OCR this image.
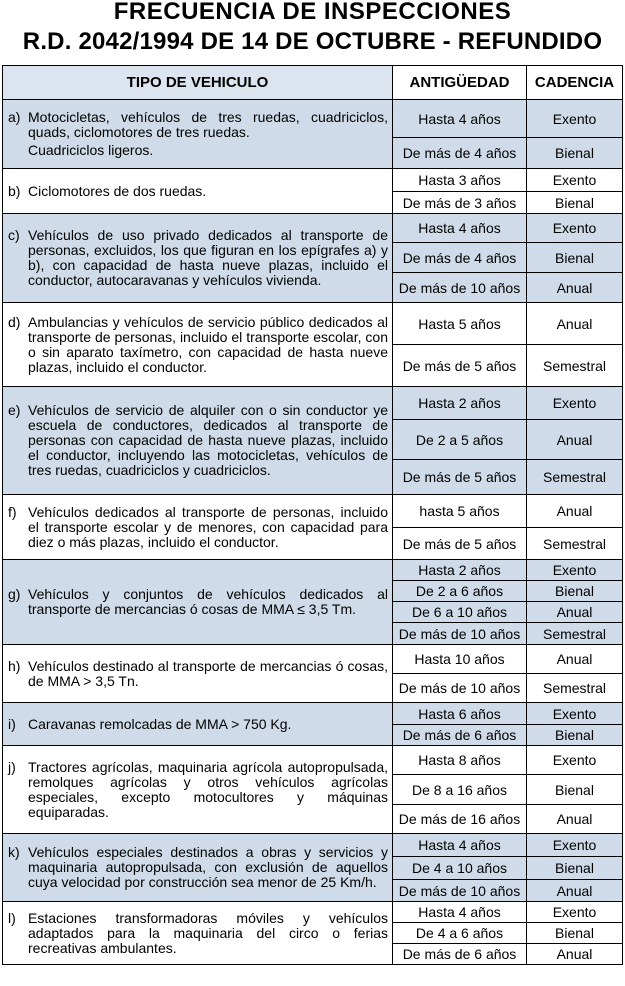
FRECUENCIA DE INSPECCIONES
R.D. 2042/1994 DE 14 DE OCTUBRE - REFUNDIDO
TIPO DE VEHICULO	ANTIGÜEDAD	CADENCIA

a) Motocicletas, vehículos de tres ruedas, cuadriciclos, quads, ciclomotores de tres ruedas.
Cuadriciclos ligeros.	Hasta 4 años	Exento
	De más de 4 años	Bienal

b) Ciclomotores de dos ruedas.	Hasta 3 años	Exento
	De más de 3 años	Bienal

c) Vehículos de uso privado dedicados al transporte de personas, excluidos, los que figuran en los epígrafes a) y b), con capacidad de hasta nueve plazas, incluido el conductor, autocaravanas y vehículos vivienda.	Hasta 4 años	Exento
	De más de 4 años	Bienal
	De más de 10 años	Anual

d) Ambulancias y vehículos de servicio público dedicados al transporte de personas, incluido el transporte escolar, con o sin aparato taxímetro, con capacidad de hasta nueve plazas, incluido el conductor.	Hasta 5 años	Anual
	De más de 5 años	Semestral

e) Vehículos de servicio de alquiler con o sin conductor ye escuela de conductores, dedicados al transporte de personas con capacidad de hasta nueve plazas, incluido el conductor, incluyendo las motocicletas, vehículos de tres ruedas, cuadriciclos y cuadriciclos.	Hasta 2 años	Exento
	De 2 a 5 años	Anual
	De más de 5 años	Semestral

f) Vehículos dedicados al transporte de personas, incluido el transporte escolar y de menores, con capacidad para diez o más plazas, incluido el conductor.	hasta 5 años	Anual
	De más de 5 años	Semestral

g) Vehículos y conjuntos de vehículos dedicados al transporte de mercancias ó cosas de MMA ≤ 3,5 Tm.	Hasta 2 años	Exento
	De 2 a 6 años	Bienal
	De 6 a 10 años	Anual
	De más de 10 años	Semestral

h) Vehículos destinado al transporte de mercancias ó cosas, de MMA > 3,5 Tn.	Hasta 10 años	Anual
	De más de 10 años	Semestral

i) Caravanas remolcadas de MMA > 750 Kg.	Hasta 6 años	Exento
	De más de 6 años	Bienal

j) Tractores agrícolas, maquinaria agrícola autopropulsada, remolques agrícolas y otros vehículos agrícolas especiales, excepto motocultores y máquinas equiparadas.	Hasta 8 años	Exento
	De 8 a 16 años	Bienal
	De más de 16 años	Anual

k) Vehículos especiales destinados a obras y servicios y maquinaria autopropulsada, con exclusión de aquellos cuya velocidad por construcción sea menor de 25 Km/h.	Hasta 4 años	Exento
	De 4 a 10 años	Bienal
	De más de 10 años	Anual

l) Estaciones transformadoras móviles y vehículos adaptados para la maquinaria del circo o ferias recreativas ambulantes.	Hasta 4 años	Exento
	De 4 a 6 años	Bienal
	De más de 6 años	Anual
